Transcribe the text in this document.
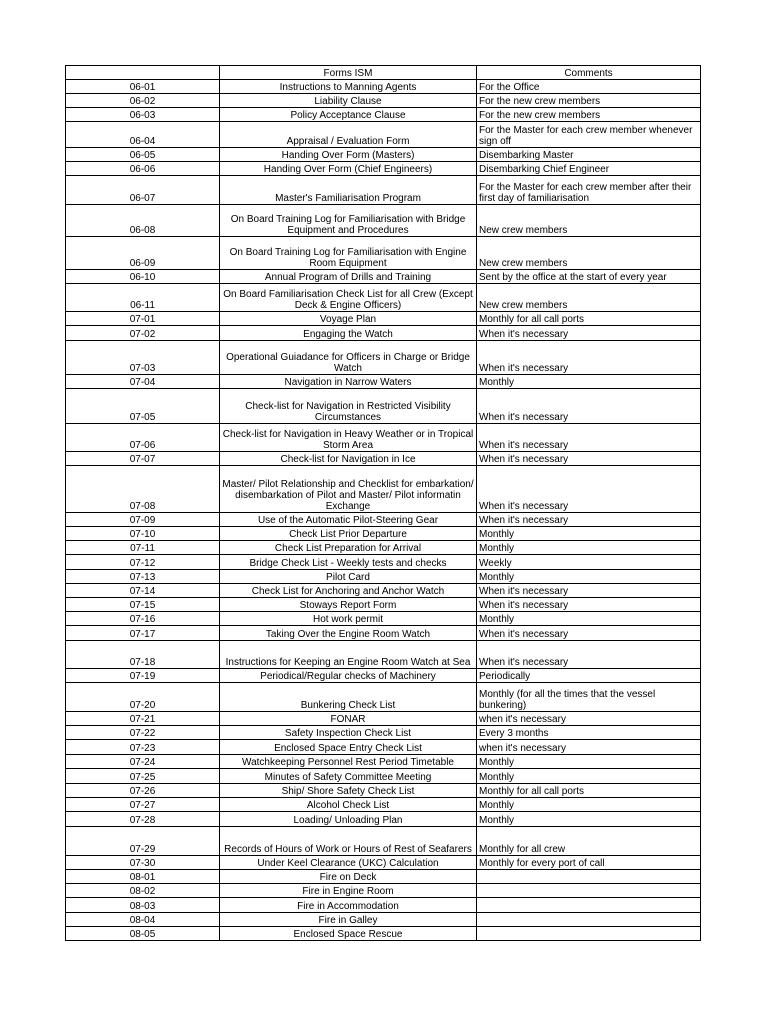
	Forms ISM	Comments
06-01	Instructions to Manning Agents	For the Office
06-02	Liability Clause	For the new crew members
06-03	Policy Acceptance Clause	For the new crew members
06-04	Appraisal / Evaluation Form	For the Master for each crew member whenever sign off
06-05	Handing Over Form (Masters)	Disembarking Master
06-06	Handing Over Form (Chief Engineers)	Disembarking Chief Engineer
06-07	Master's Familiarisation Program	For the Master for each crew member after their first day of familiarisation
06-08	On Board Training Log for Familiarisation with Bridge Equipment and Procedures	New crew members
06-09	On Board Training Log for Familiarisation with Engine Room Equipment	New crew members
06-10	Annual Program of Drills and Training	Sent by the office at the start of every year
06-11	On Board Familiarisation Check List for all Crew (Except Deck & Engine Officers)	New crew members
07-01	Voyage Plan	Monthly for all call ports
07-02	Engaging the Watch	When it's necessary
07-03	Operational Guiadance for Officers in Charge or Bridge Watch	When it's necessary
07-04	Navigation in Narrow Waters	Monthly
07-05	Check-list for Navigation in Restricted Visibility Circumstances	When it's necessary
07-06	Check-list for Navigation in Heavy Weather or in Tropical Storm Area	When it's necessary
07-07	Check-list for Navigation in Ice	When it's necessary
07-08	Master/ Pilot Relationship and Checklist for embarkation/ disembarkation of Pilot and Master/ Pilot informatin Exchange	When it's necessary
07-09	Use of the Automatic Pilot-Steering Gear	When it's necessary
07-10	Check List Prior Departure	Monthly
07-11	Check List Preparation for Arrival	Monthly
07-12	Bridge Check List - Weekly tests and checks	Weekly
07-13	Pilot Card	Monthly
07-14	Check List for Anchoring and Anchor Watch	When it's necessary
07-15	Stoways Report Form	When it's necessary
07-16	Hot work permit	Monthly
07-17	Taking Over the Engine Room Watch	When it's necessary
07-18	Instructions for Keeping an Engine Room Watch at Sea	When it's necessary
07-19	Periodical/Regular checks of Machinery	Periodically
07-20	Bunkering Check List	Monthly (for all the times that the vessel bunkering)
07-21	FONAR	when it's necessary
07-22	Safety Inspection Check List	Every 3 months
07-23	Enclosed Space Entry Check List	when it's necessary
07-24	Watchkeeping Personnel Rest Period Timetable	Monthly
07-25	Minutes of Safety Committee Meeting	Monthly
07-26	Ship/ Shore Safety Check List	Monthly for all call ports
07-27	Alcohol Check List	Monthly
07-28	Loading/ Unloading Plan	Monthly
07-29	Records of Hours of Work or Hours of Rest of Seafarers	Monthly for all crew
07-30	Under Keel Clearance (UKC) Calculation	Monthly for every port of call
08-01	Fire on Deck	
08-02	Fire in Engine Room	
08-03	Fire in Accommodation	
08-04	Fire in Galley	
08-05	Enclosed Space Rescue	
